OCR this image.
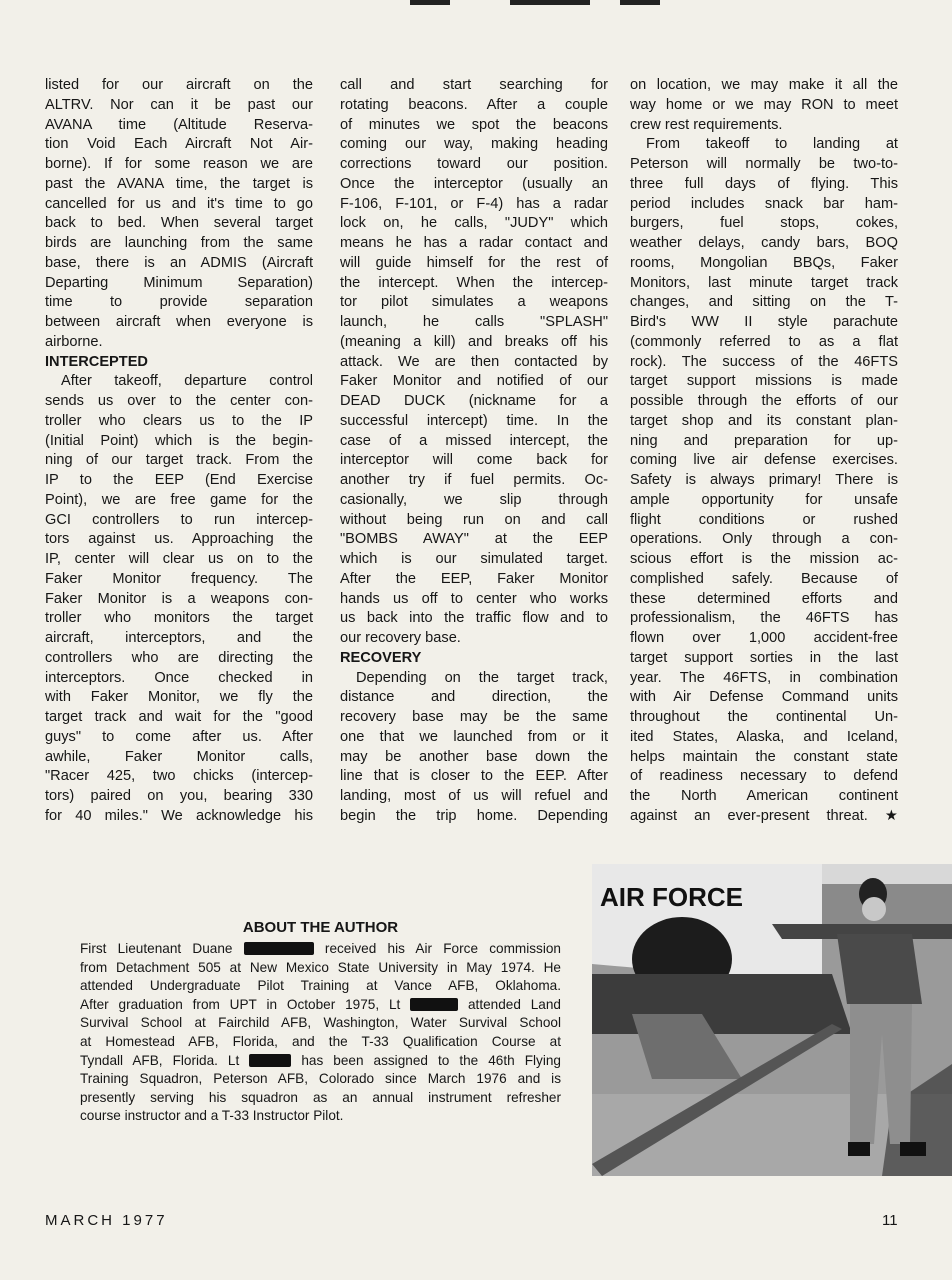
listed for our aircraft on the
ALTRV. Nor can it be past our
AVANA time (Altitude Reserva-
tion Void Each Aircraft Not Air-
borne). If for some reason we are
past the AVANA time, the target is
cancelled for us and it's time to go
back to bed. When several target
birds are launching from the same
base, there is an ADMIS (Aircraft
Departing Minimum Separation)
time to provide separation
between aircraft when everyone is
airborne.
INTERCEPTED
After takeoff, departure control
sends us over to the center con-
troller who clears us to the IP
(Initial Point) which is the begin-
ning of our target track. From the
IP to the EEP (End Exercise
Point), we are free game for the
GCI controllers to run intercep-
tors against us. Approaching the
IP, center will clear us on to the
Faker Monitor frequency. The
Faker Monitor is a weapons con-
troller who monitors the target
aircraft, interceptors, and the
controllers who are directing the
interceptors. Once checked in
with Faker Monitor, we fly the
target track and wait for the "good
guys" to come after us. After
awhile, Faker Monitor calls,
"Racer 425, two chicks (intercep-
tors) paired on you, bearing 330
for 40 miles." We acknowledge his
call and start searching for
rotating beacons. After a couple
of minutes we spot the beacons
coming our way, making heading
corrections toward our position.
Once the interceptor (usually an
F-106, F-101, or F-4) has a radar
lock on, he calls, "JUDY" which
means he has a radar contact and
will guide himself for the rest of
the intercept. When the intercep-
tor pilot simulates a weapons
launch, he calls "SPLASH"
(meaning a kill) and breaks off his
attack. We are then contacted by
Faker Monitor and notified of our
DEAD DUCK (nickname for a
successful intercept) time. In the
case of a missed intercept, the
interceptor will come back for
another try if fuel permits. Oc-
casionally, we slip through
without being run on and call
"BOMBS AWAY" at the EEP
which is our simulated target.
After the EEP, Faker Monitor
hands us off to center who works
us back into the traffic flow and to
our recovery base.
RECOVERY
Depending on the target track,
distance and direction, the
recovery base may be the same
one that we launched from or it
may be another base down the
line that is closer to the EEP. After
landing, most of us will refuel and
begin the trip home. Depending
on location, we may make it all the
way home or we may RON to meet
crew rest requirements.
From takeoff to landing at
Peterson will normally be two-to-
three full days of flying. This
period includes snack bar ham-
burgers, fuel stops, cokes,
weather delays, candy bars, BOQ
rooms, Mongolian BBQs, Faker
Monitors, last minute target track
changes, and sitting on the T-
Bird's WW II style parachute
(commonly referred to as a flat
rock). The success of the 46FTS
target support missions is made
possible through the efforts of our
target shop and its constant plan-
ning and preparation for up-
coming live air defense exercises.
Safety is always primary! There is
ample opportunity for unsafe
flight conditions or rushed
operations. Only through a con-
scious effort is the mission ac-
complished safely. Because of
these determined efforts and
professionalism, the 46FTS has
flown over 1,000 accident-free
target support sorties in the last
year. The 46FTS, in combination
with Air Defense Command units
throughout the continental Un-
ited States, Alaska, and Iceland,
helps maintain the constant state
of readiness necessary to defend
the North American continent
against an ever-present threat. ★
ABOUT THE AUTHOR
First Lieutenant Duane	received his Air Force commission
from Detachment 505 at New Mexico State University in May 1974. He
attended Undergraduate Pilot Training at Vance AFB, Oklahoma.
After graduation from UPT in October 1975, Lt	attended Land
Survival School at Fairchild AFB, Washington, Water Survival School
at Homestead AFB, Florida, and the T-33 Qualification Course at
Tyndall AFB, Florida. Lt	has been assigned to the 46th Flying
Training Squadron, Peterson AFB, Colorado since March 1976 and is
presently serving his squadron as an annual instrument refresher
course instructor and a T-33 Instructor Pilot.
AIR FORCE
MARCH 1977	11
